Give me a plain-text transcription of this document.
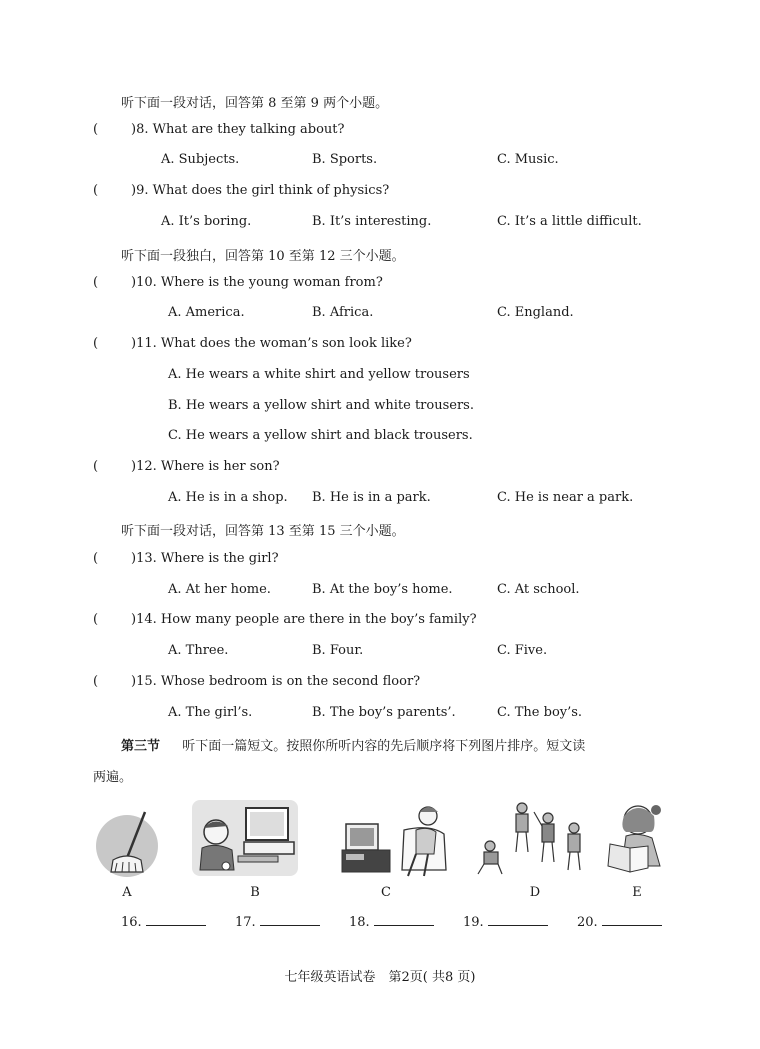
听下面一段对话，回答第 8 至第 9 两个小题。
(	)8. What are they talking about?
A. Subjects.	B. Sports.	C. Music.
(	)9. What does the girl think of physics?
A. It’s boring.	B. It’s interesting.	C. It’s a little difficult.
听下面一段独白，回答第 10 至第 12 三个小题。
(	)10. Where is the young woman from?
A. America.	B. Africa.	C. England.
(	)11. What does the woman’s son look like?
A. He wears a white shirt and yellow trousers
B. He wears a yellow shirt and white trousers.
C. He wears a yellow shirt and black trousers.
(	)12. Where is her son?
A. He is in a shop. B. He is in a park.	C. He is near a park.
听下面一段对话，回答第 13 至第 15 三个小题。
(	)13. Where is the girl?
A. At her home.	B. At the boy’s home.	C. At school.
(	)14. How many people are there in the boy’s family?
A. Three.	B. Four.	C. Five.
(	)15. Whose bedroom is on the second floor?
A. The girl’s.	B. The boy’s parents’.	C. The boy’s.
第三节 听下面一篇短文。按照你所听内容的先后顺序将下列图片排序。短文读
两遍。
A	B	C	D	E
16.	17.	18.	19.	20.
七年级英语试卷　第2页( 共8 页)
